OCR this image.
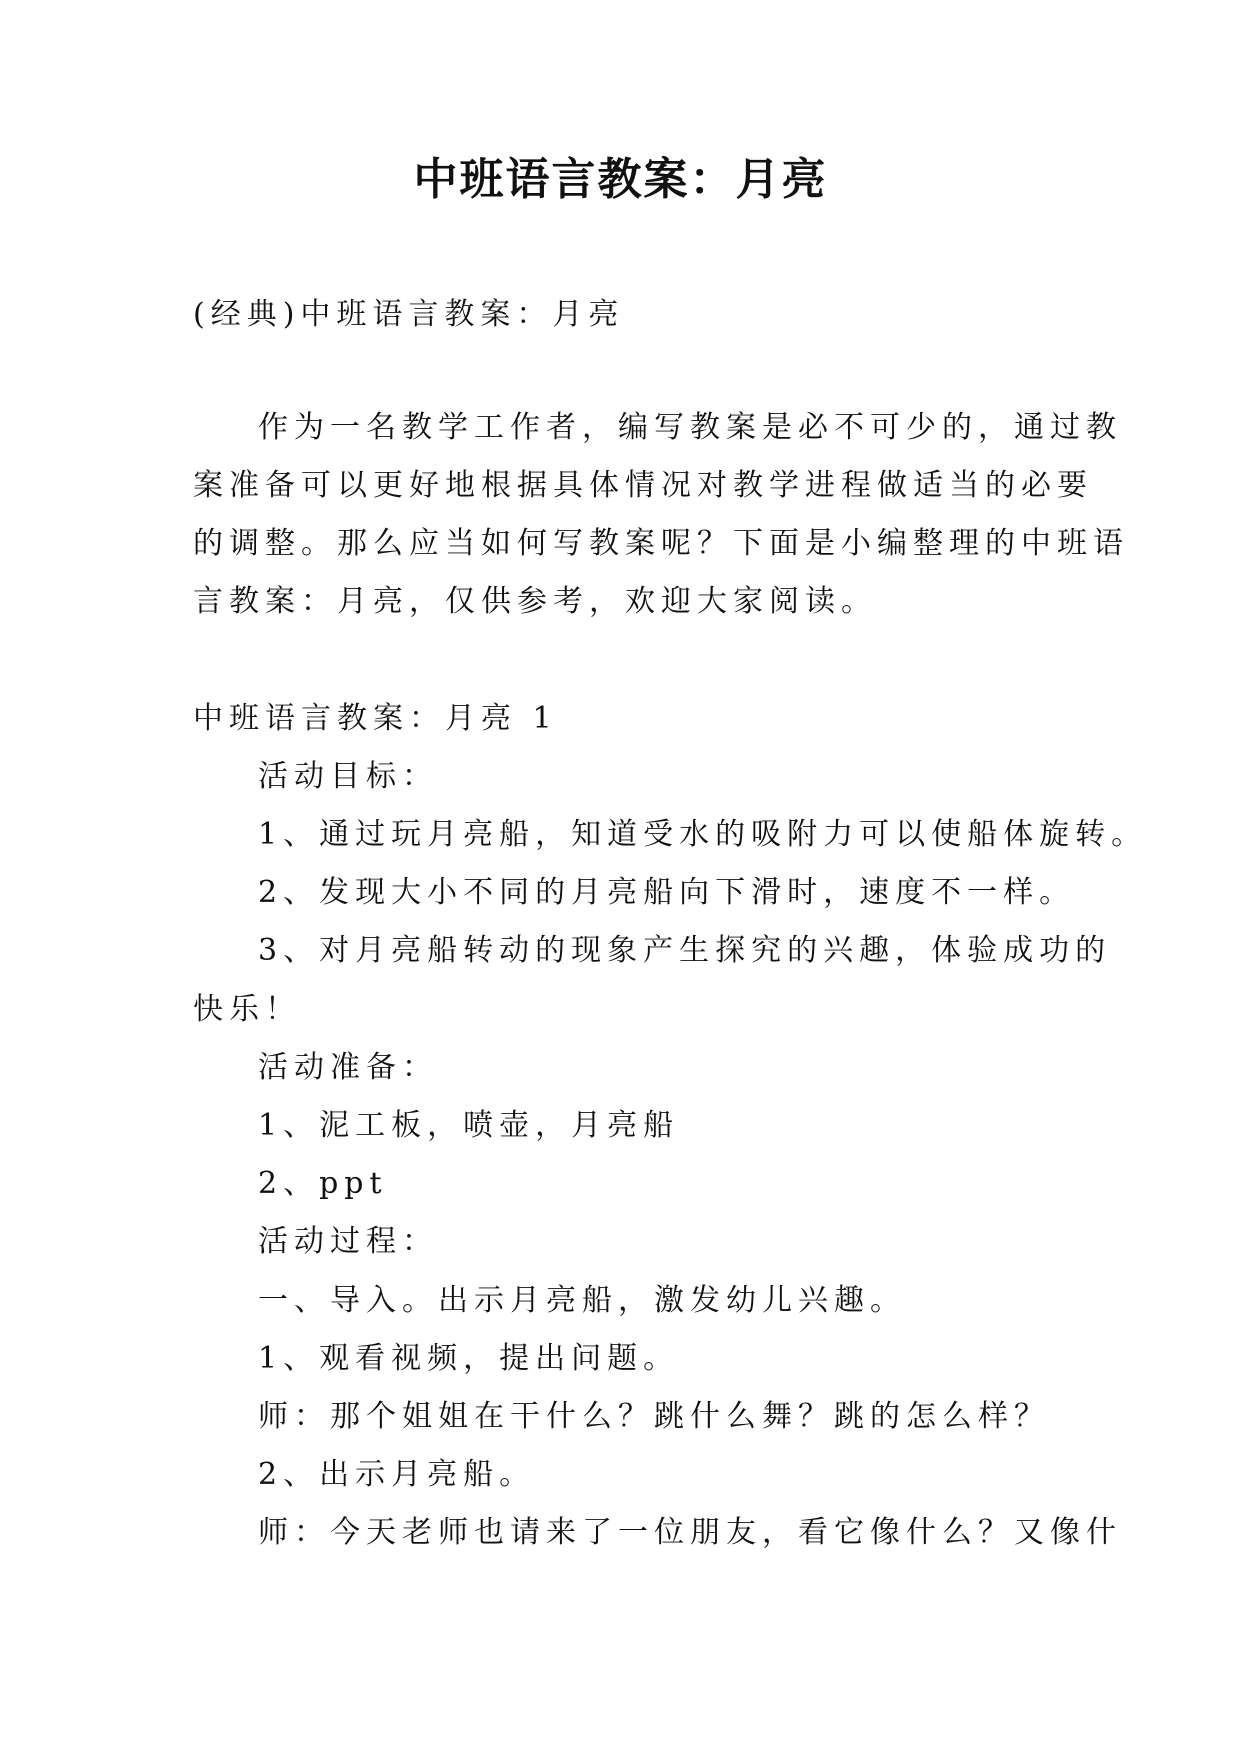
中班语言教案：月亮

(经典)中班语言教案：月亮

作为一名教学工作者，编写教案是必不可少的，通过教

案准备可以更好地根据具体情况对教学进程做适当的必要

的调整。那么应当如何写教案呢？下面是小编整理的中班语

言教案：月亮，仅供参考，欢迎大家阅读。

中班语言教案：月亮 1

活动目标：

1、通过玩月亮船，知道受水的吸附力可以使船体旋转。

2、发现大小不同的月亮船向下滑时，速度不一样。

3、对月亮船转动的现象产生探究的兴趣，体验成功的

快乐！

活动准备：

1、泥工板，喷壶，月亮船

2、ppt

活动过程：

一、导入。出示月亮船，激发幼儿兴趣。

1、观看视频，提出问题。

师：那个姐姐在干什么？跳什么舞？跳的怎么样？

2、出示月亮船。

师：今天老师也请来了一位朋友，看它像什么？又像什
